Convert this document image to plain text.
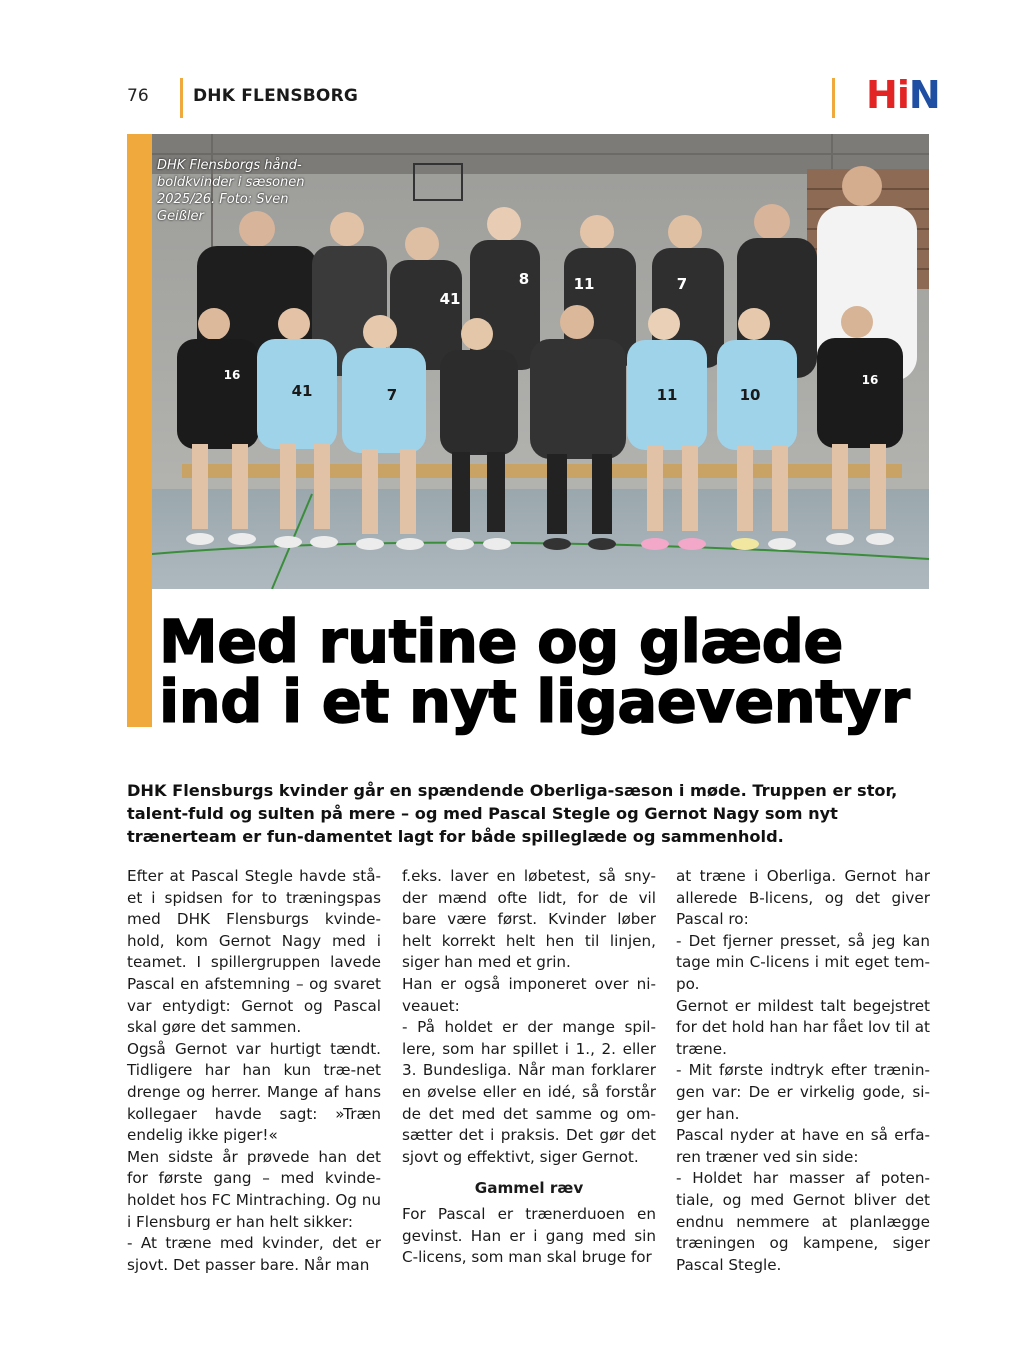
76	DHK FLENSBORG	HiN
41
8	11	7
16
41	7	11	10
16
DHK Flensborgs hånd-boldkvinder i sæsonen 2025/26. Foto: Sven Geißler
Med rutine og glæde
ind i et nyt ligaeventyr

DHK Flensburgs kvinder går en spændende Oberliga-sæson i møde. Truppen er stor, talent-fuld og sulten på mere – og med Pascal Stegle og Gernot Nagy som nyt trænerteam er fun-damentet lagt for både spilleglæde og sammenhold.

Efter at Pascal Stegle havde stå-et i spidsen for to træningspas med DHK Flensburgs kvinde-hold, kom Gernot Nagy med i teamet. I spillergruppen lavede Pascal en afstemning – og svaret var entydigt: Gernot og Pascal skal gøre det sammen.

Også Gernot var hurtigt tændt. Tidligere har han kun træ-net drenge og herrer. Mange af hans kollegaer havde sagt: »Træn endelig ikke piger!«

Men sidste år prøvede han det for første gang – med kvinde-holdet hos FC Mintraching. Og nu i Flensburg er han helt sikker:

- At træne med kvinder, det er sjovt. Det passer bare. Når man

f.eks. laver en løbetest, så sny-der mænd ofte lidt, for de vil bare være først. Kvinder løber helt korrekt helt hen til linjen, siger han med et grin.

Han er også imponeret over ni-veauet:

- På holdet er der mange spil-lere, som har spillet i 1., 2. eller 3. Bundesliga. Når man forklarer en øvelse eller en idé, så forstår de det med det samme og om-sætter det i praksis. Det gør det sjovt og effektivt, siger Gernot.

Gammel ræv

For Pascal er trænerduoen en gevinst. Han er i gang med sin C-licens, som man skal bruge for

at træne i Oberliga. Gernot har allerede B-licens, og det giver Pascal ro:

- Det fjerner presset, så jeg kan tage min C-licens i mit eget tem-po.

Gernot er mildest talt begejstret for det hold han har fået lov til at træne.

- Mit første indtryk efter trænin-gen var: De er virkelig gode, si-ger han.

Pascal nyder at have en så erfa-ren træner ved sin side:

- Holdet har masser af poten-tiale, og med Gernot bliver det endnu nemmere at planlægge træningen og kampene, siger Pascal Stegle.
